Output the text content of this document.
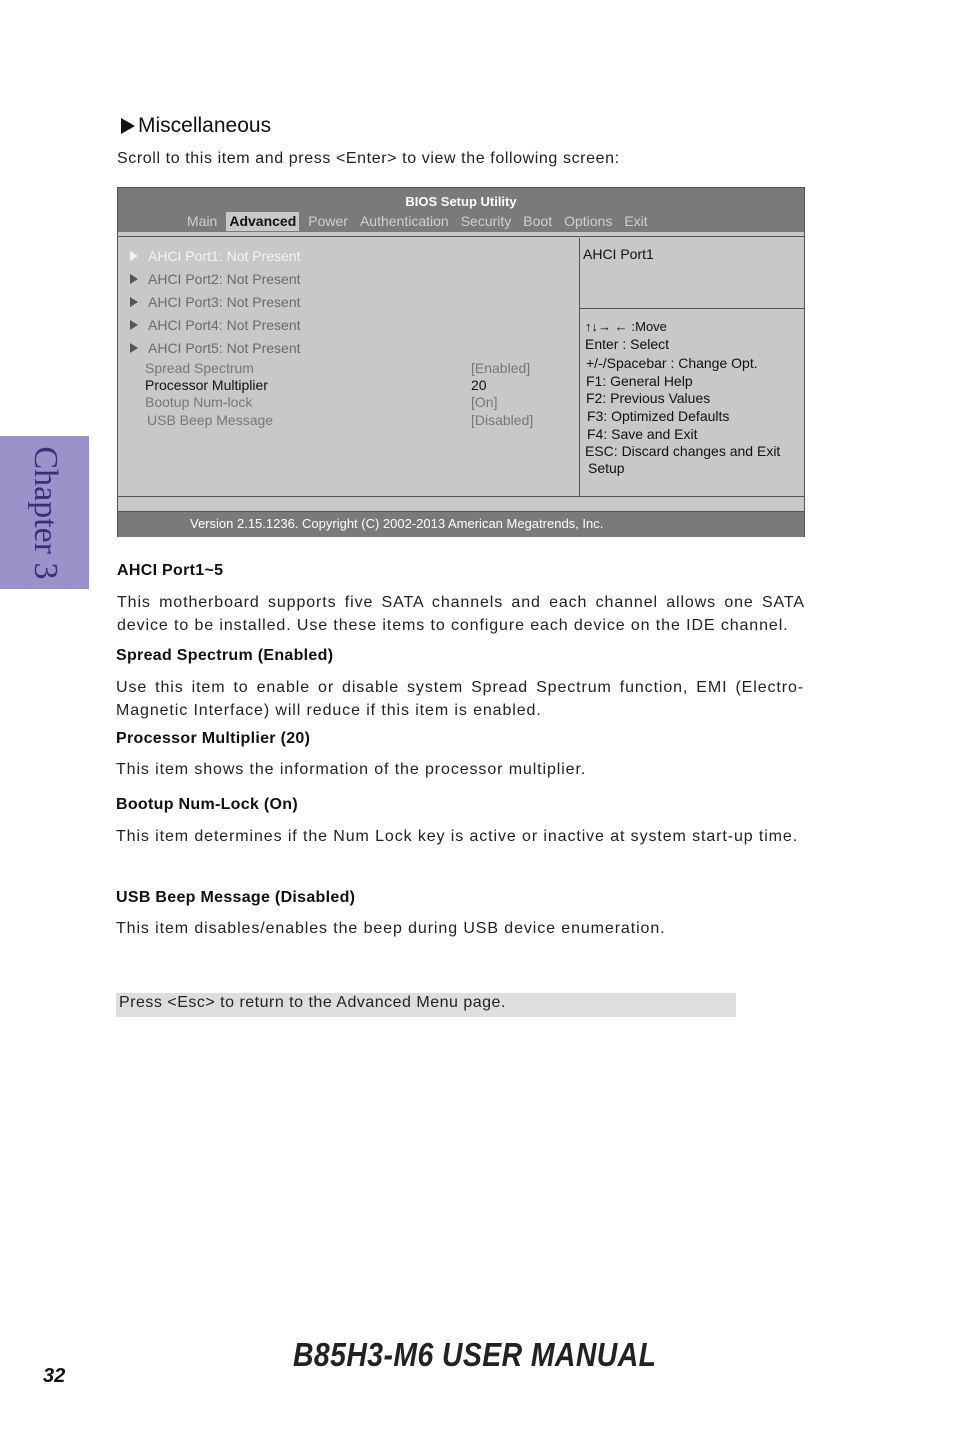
Chapter 3
Miscellaneous
Scroll to this item and press <Enter> to view the following screen:
BIOS Setup Utility
Main Advanced Power Authentication Security Boot Options Exit
AHCI Port1: Not Present
AHCI Port2: Not Present
AHCI Port3: Not Present
AHCI Port4: Not Present
AHCI Port5: Not Present
Spread Spectrum	[Enabled]
Processor Multiplier	20
Bootup Num-lock	[On]
USB Beep Message	[Disabled]
AHCI Port1
↑↓→ ← :Move
Enter : Select
+/-/Spacebar : Change Opt.
F1: General Help
F2: Previous Values
F3: Optimized Defaults
F4: Save and Exit
ESC: Discard changes and Exit
Setup
Version 2.15.1236. Copyright (C) 2002-2013 American Megatrends, Inc.
AHCI Port1~5
This motherboard supports five SATA channels and each channel allows one SATA device to be installed. Use these items to configure each device on the IDE channel.
Spread Spectrum (Enabled)
Use this item to enable or disable system Spread Spectrum function, EMI (Electro-Magnetic Interface) will reduce if this item is enabled.
Processor Multiplier (20)
This item shows the information of the processor multiplier.
Bootup Num-Lock (On)
This item determines if the Num Lock key is active or inactive at system start-up time.
USB Beep Message (Disabled)
This item disables/enables the beep during USB device enumeration.
Press <Esc> to return to the Advanced Menu page.
32
B85H3-M6 USER MANUAL
